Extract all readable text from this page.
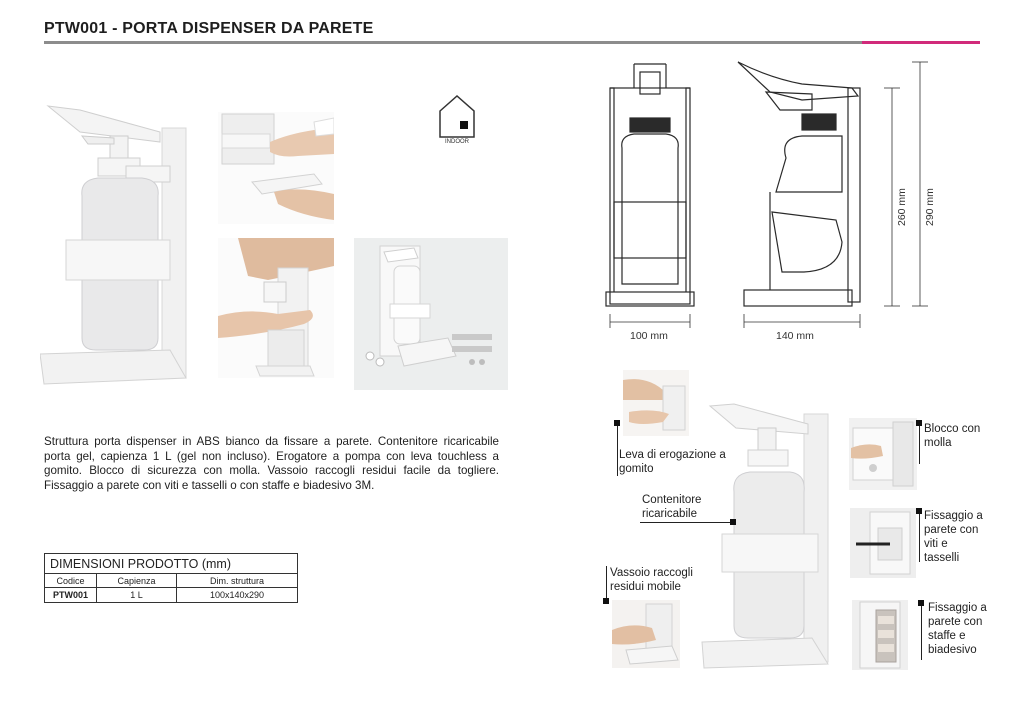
PTW001 - PORTA DISPENSER DA PARETE
INDOOR

Struttura porta dispenser in ABS bianco da fissare a parete. Contenitore ricaricabile porta gel, capienza 1 L (gel non incluso). Erogatore a pompa con leva touchless a gomito. Blocco di sicurezza con molla. Vassoio raccogli residui facile da togliere. Fissaggio a parete con viti e tasselli o con staffe e biadesivo 3M.

DIMENSIONI PRODOTTO (mm)		
Codice	Capienza	Dim. struttura
PTW001	1 L	100x140x290
100 mm	140 mm
260 mm 290 mm
Leva di erogazione a gomito
Contenitore ricaricabile
Vassoio raccogli residui mobile
Blocco con molla
Fissaggio a parete con viti e tasselli
Fissaggio a parete con staffe e biadesivo
